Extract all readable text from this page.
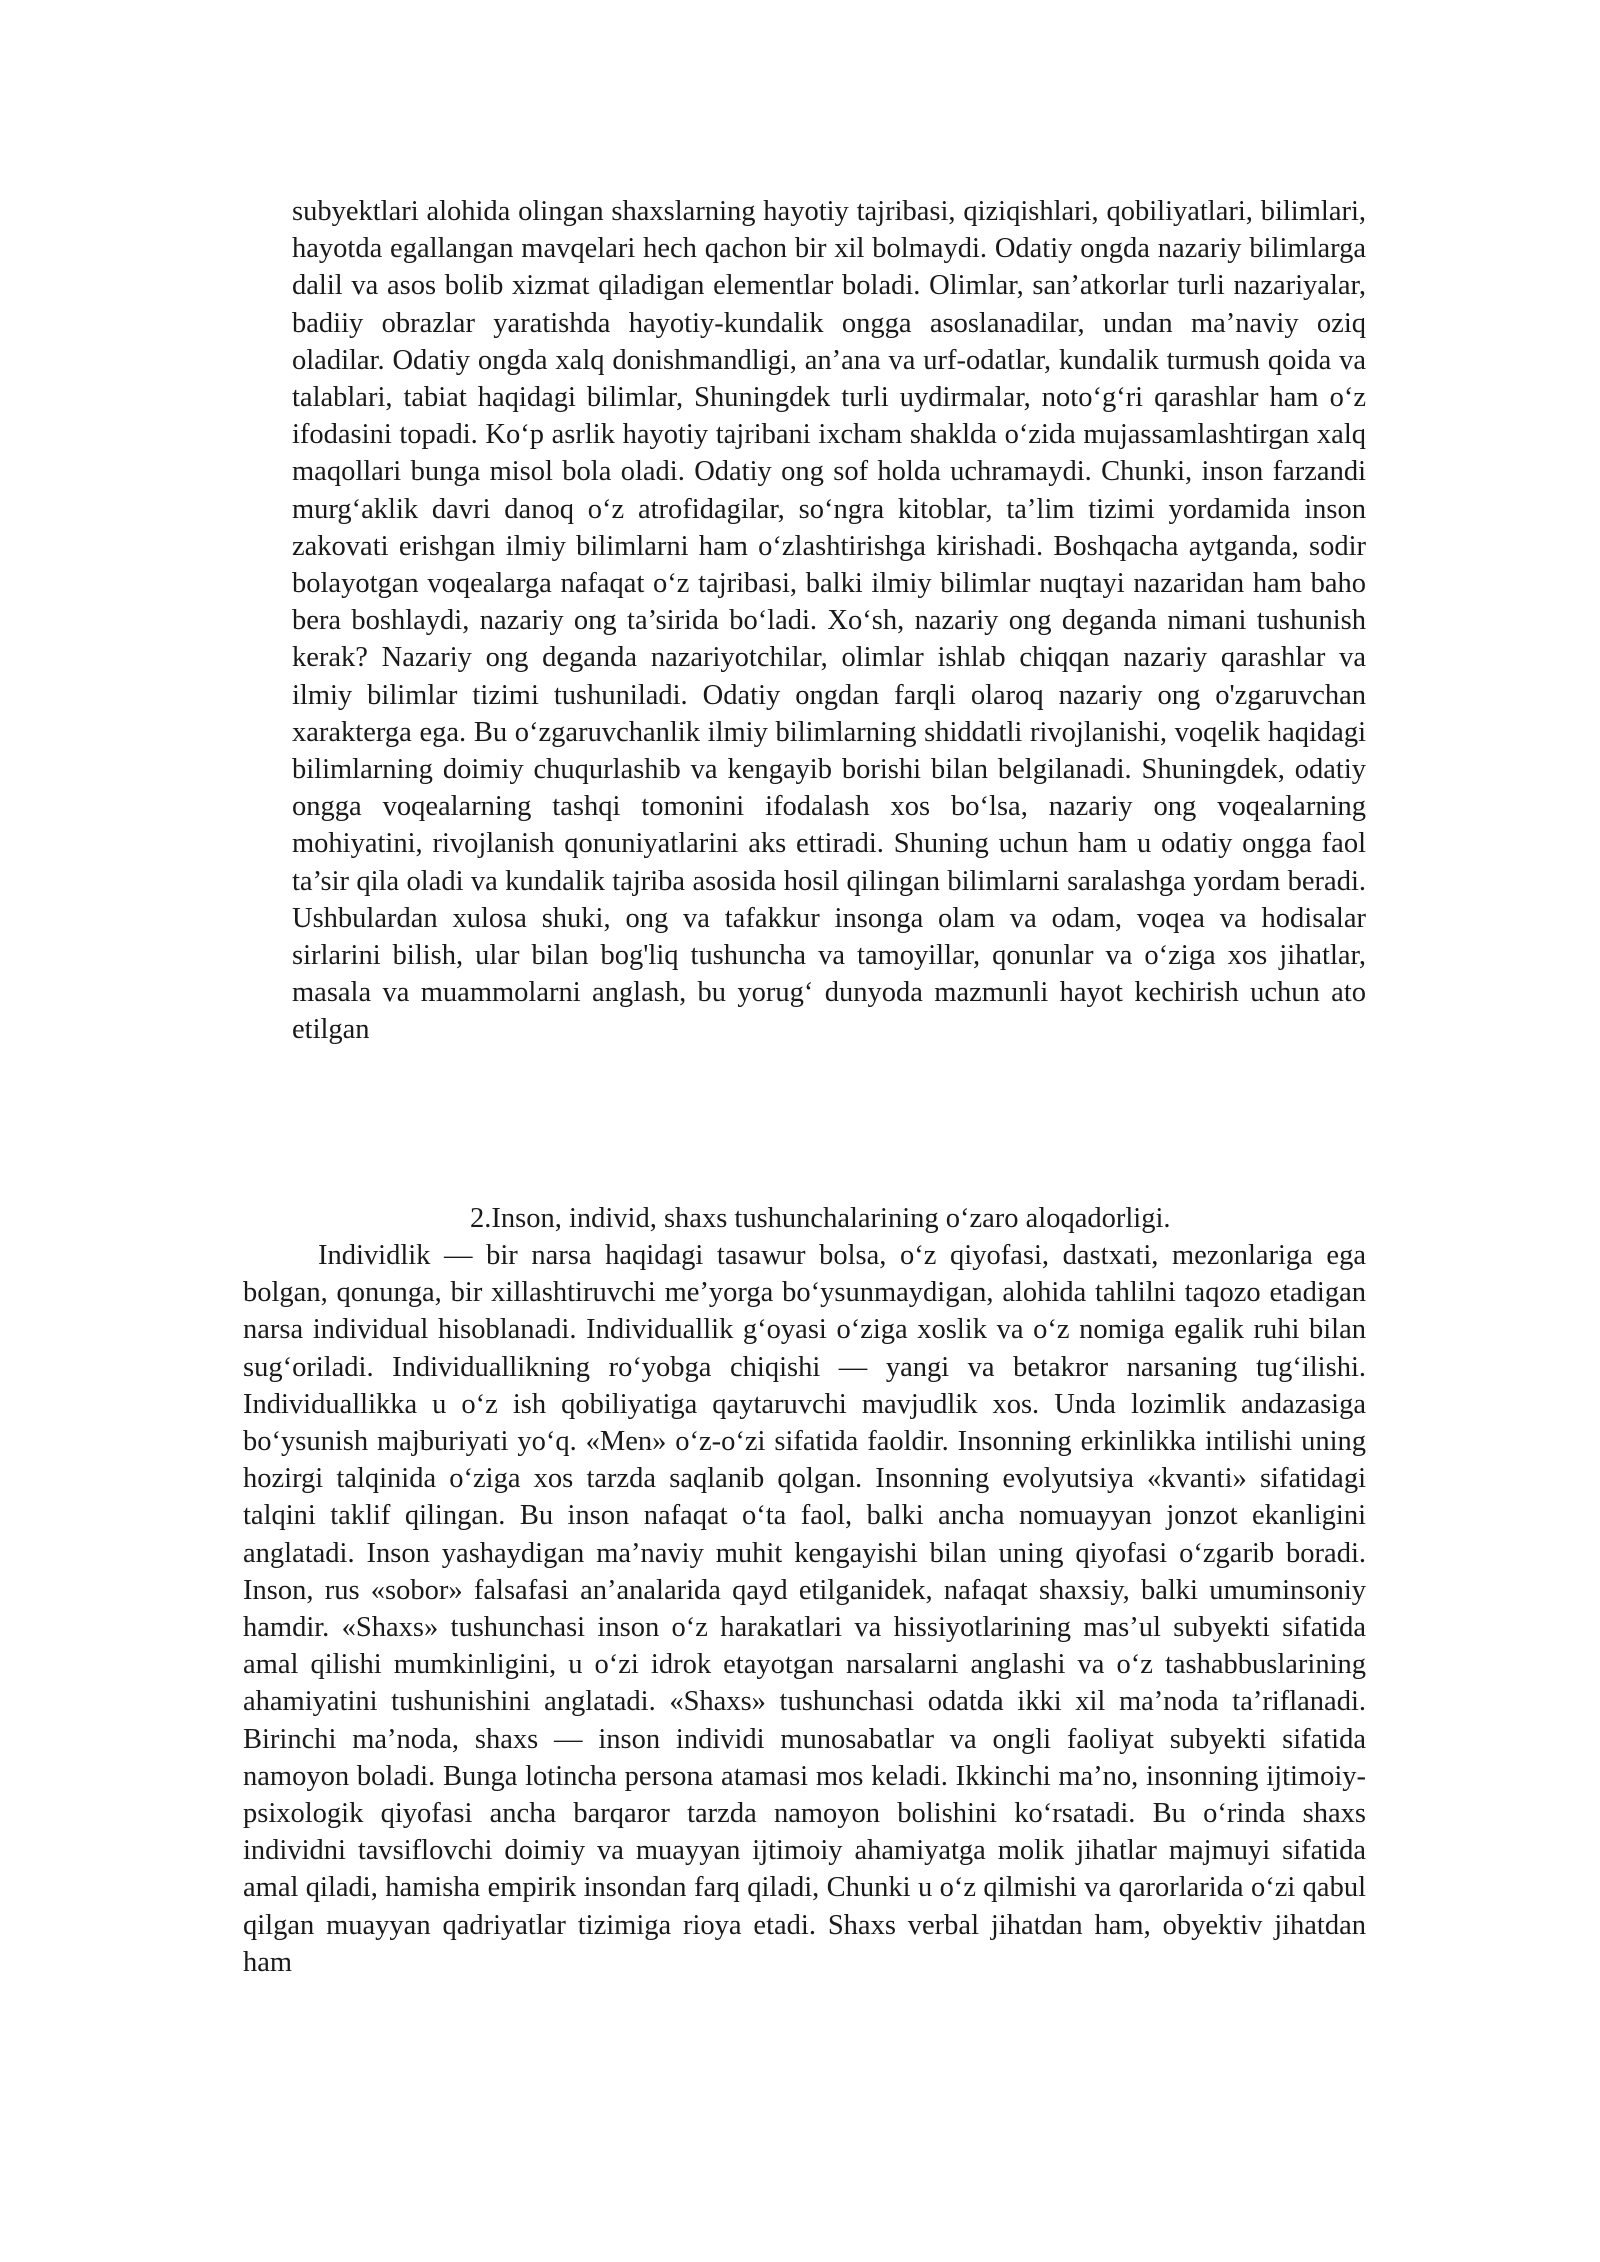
subyektlari alohida olingan shaxslarning hayotiy tajribasi, qiziqishlari, qobiliyatlari, bilimlari, hayotda egallangan mavqelari hech qachon bir xil bolmaydi. Odatiy ongda nazariy bilimlarga dalil va asos bolib xizmat qiladigan elementlar boladi. Olimlar, san’atkorlar turli nazariyalar, badiiy obrazlar yaratishda hayotiy-kundalik ongga asoslanadilar, undan ma’naviy oziq oladilar. Odatiy ongda xalq donishmandligi, an’ana va urf-odatlar, kundalik turmush qoida va talablari, tabiat haqidagi bilimlar, Shuningdek turli uydirmalar, noto‘g‘ri qarashlar ham o‘z ifodasini topadi. Ko‘p asrlik hayotiy tajribani ixcham shaklda o‘zida mujassamlashtirgan xalq maqollari bunga misol bola oladi. Odatiy ong sof holda uchramaydi. Chunki, inson farzandi murg‘aklik davri danoq o‘z atrofidagilar, so‘ngra kitoblar, ta’lim tizimi yordamida inson zakovati erishgan ilmiy bilimlarni ham o‘zlashtirishga kirishadi. Boshqacha aytganda, sodir bolayotgan voqealarga nafaqat o‘z tajribasi, balki ilmiy bilimlar nuqtayi nazaridan ham baho bera boshlaydi, nazariy ong ta’sirida bo‘ladi. Xo‘sh, nazariy ong deganda nimani tushunish kerak? Nazariy ong deganda nazariyotchilar, olimlar ishlab chiqqan nazariy qarashlar va ilmiy bilimlar tizimi tushuniladi. Odatiy ongdan farqli olaroq nazariy ong o'zgaruvchan xarakterga ega. Bu o‘zgaruvchanlik ilmiy bilimlarning shiddatli rivojlanishi, voqelik haqidagi bilimlarning doimiy chuqurlashib va kengayib borishi bilan belgilanadi. Shuningdek, odatiy ongga voqealarning tashqi tomonini ifodalash xos bo‘lsa, nazariy ong voqealarning mohiyatini, rivojlanish qonuniyatlarini aks ettiradi. Shuning uchun ham u odatiy ongga faol ta’sir qila oladi va kundalik tajriba asosida hosil qilingan bilimlarni saralashga yordam beradi. Ushbulardan xulosa shuki, ong va tafakkur insonga olam va odam, voqea va hodisalar sirlarini bilish, ular bilan bog'liq tushuncha va tamoyillar, qonunlar va o‘ziga xos jihatlar, masala va muammolarni anglash, bu yorug‘ dunyoda mazmunli hayot kechirish uchun ato etilgan

2.Inson, individ, shaxs tushunchalarining o‘zaro aloqadorligi.

Individlik — bir narsa haqidagi tasawur bolsa, o‘z qiyofasi, dastxati, mezonlariga ega bolgan, qonunga, bir xillashtiruvchi me’yorga bo‘ysunmaydigan, alohida tahlilni taqozo etadigan narsa individual hisoblanadi. Individuallik g‘oyasi o‘ziga xoslik va o‘z nomiga egalik ruhi bilan sug‘oriladi. Individuallikning ro‘yobga chiqishi — yangi va betakror narsaning tug‘ilishi. Individuallikka u o‘z ish qobiliyatiga qaytaruvchi mavjudlik xos. Unda lozimlik andazasiga bo‘ysunish majburiyati yo‘q. «Men» o‘z-o‘zi sifatida faoldir. Insonning erkinlikka intilishi uning hozirgi talqinida o‘ziga xos tarzda saqlanib qolgan. Insonning evolyutsiya «kvanti» sifatidagi talqini taklif qilingan. Bu inson nafaqat o‘ta faol, balki ancha nomuayyan jonzot ekanligini anglatadi. Inson yashaydigan ma’naviy muhit kengayishi bilan uning qiyofasi o‘zgarib boradi. Inson, rus «sobor» falsafasi an’analarida qayd etilganidek, nafaqat shaxsiy, balki umuminsoniy hamdir. «Shaxs» tushunchasi inson o‘z harakatlari va hissiyotlarining mas’ul subyekti sifatida amal qilishi mumkinligini, u o‘zi idrok etayotgan narsalarni anglashi va o‘z tashabbuslarining ahamiyatini tushunishini anglatadi. «Shaxs» tushunchasi odatda ikki xil ma’noda ta’riflanadi. Birinchi ma’noda, shaxs — inson individi munosabatlar va ongli faoliyat subyekti sifatida namoyon boladi. Bunga lotincha persona atamasi mos keladi. Ikkinchi ma’no, insonning ijtimoiy-psixologik qiyofasi ancha barqaror tarzda namoyon bolishini ko‘rsatadi. Bu o‘rinda shaxs individni tavsiflovchi doimiy va muayyan ijtimoiy ahamiyatga molik jihatlar majmuyi sifatida amal qiladi, hamisha empirik insondan farq qiladi, Chunki u o‘z qilmishi va qarorlarida o‘zi qabul qilgan muayyan qadriyatlar tizimiga rioya etadi. Shaxs verbal jihatdan ham, obyektiv jihatdan ham
